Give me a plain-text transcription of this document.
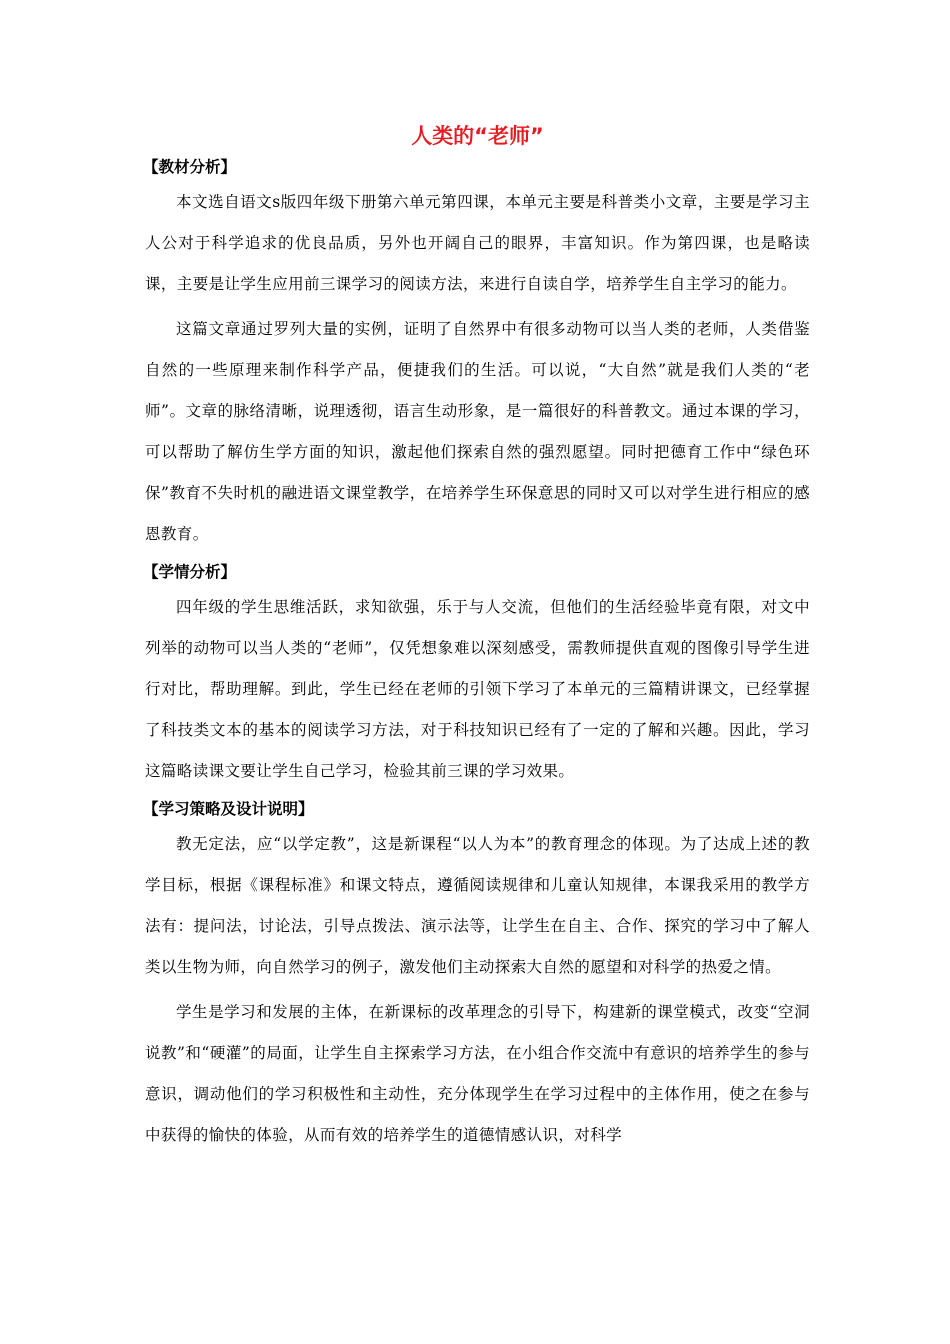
人类的“老师”
【教材分析】

本文选自语文s版四年级下册第六单元第四课，本单元主要是科普类小文章，主要是学习主人公对于科学追求的优良品质，另外也开阔自己的眼界，丰富知识。作为第四课，也是略读课，主要是让学生应用前三课学习的阅读方法，来进行自读自学，培养学生自主学习的能力。

这篇文章通过罗列大量的实例，证明了自然界中有很多动物可以当人类的老师，人类借鉴自然的一些原理来制作科学产品，便捷我们的生活。可以说，“大自然”就是我们人类的“老师”。文章的脉络清晰，说理透彻，语言生动形象，是一篇很好的科普教文。通过本课的学习，可以帮助了解仿生学方面的知识，激起他们探索自然的强烈愿望。同时把德育工作中“绿色环保”教育不失时机的融进语文课堂教学，在培养学生环保意思的同时又可以对学生进行相应的感恩教育。

【学情分析】

四年级的学生思维活跃，求知欲强，乐于与人交流，但他们的生活经验毕竟有限，对文中列举的动物可以当人类的“老师”，仅凭想象难以深刻感受，需教师提供直观的图像引导学生进行对比，帮助理解。到此，学生已经在老师的引领下学习了本单元的三篇精讲课文，已经掌握了科技类文本的基本的阅读学习方法，对于科技知识已经有了一定的了解和兴趣。因此，学习这篇略读课文要让学生自己学习，检验其前三课的学习效果。

【学习策略及设计说明】

教无定法，应“以学定教”，这是新课程“以人为本”的教育理念的体现。为了达成上述的教学目标，根据《课程标准》和课文特点，遵循阅读规律和儿童认知规律，本课我采用的教学方法有：提问法，讨论法，引导点拨法、演示法等，让学生在自主、合作、探究的学习中了解人类以生物为师，向自然学习的例子，激发他们主动探索大自然的愿望和对科学的热爱之情。

学生是学习和发展的主体，在新课标的改革理念的引导下，构建新的课堂模式，改变“空洞说教”和“硬灌”的局面，让学生自主探索学习方法，在小组合作交流中有意识的培养学生的参与意识，调动他们的学习积极性和主动性，充分体现学生在学习过程中的主体作用，使之在参与中获得的愉快的体验，从而有效的培养学生的道德情感认识，对科学
